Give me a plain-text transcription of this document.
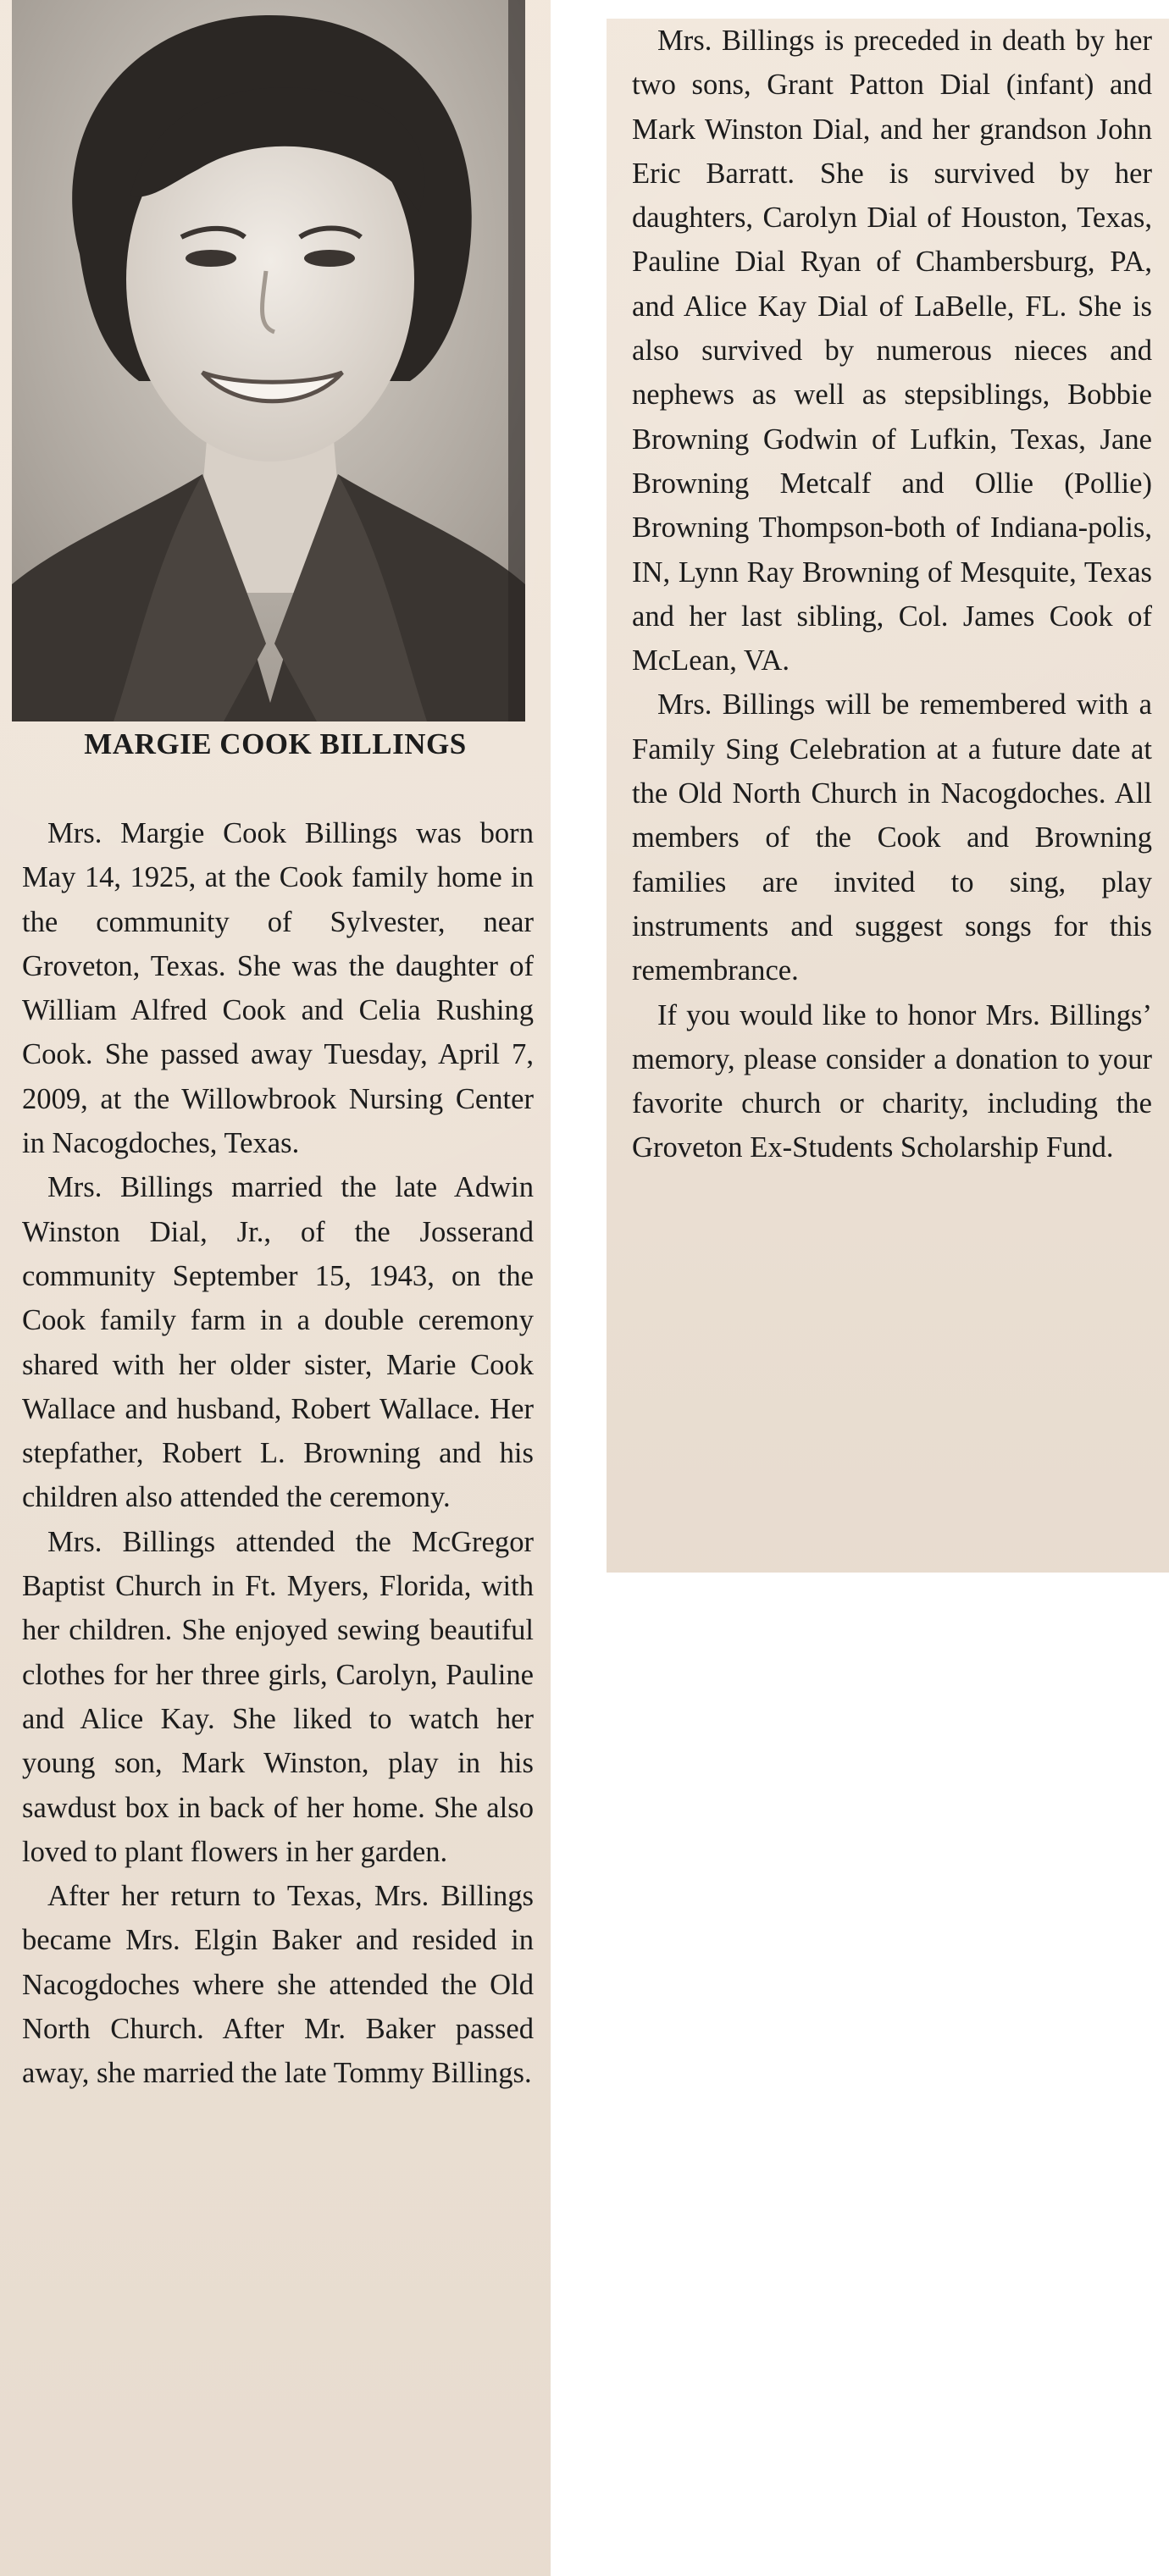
MARGIE COOK BILLINGS

Mrs. Margie Cook Billings was born May 14, 1925, at the Cook family home in the community of Sylvester, near Groveton, Texas. She was the daughter of William Alfred Cook and Celia Rushing Cook. She passed away Tuesday, April 7, 2009, at the Willowbrook Nursing Center in Nacogdoches, Texas.

Mrs. Billings married the late Adwin Winston Dial, Jr., of the Josserand community September 15, 1943, on the Cook family farm in a double ceremony shared with her older sister, Marie Cook Wallace and husband, Robert Wallace. Her stepfather, Robert L. Browning and his children also attended the ceremony.

Mrs. Billings attended the McGregor Baptist Church in Ft. Myers, Florida, with her children. She enjoyed sewing beautiful clothes for her three girls, Carolyn, Pauline and Alice Kay. She liked to watch her young son, Mark Winston, play in his sawdust box in back of her home. She also loved to plant flowers in her garden.

After her return to Texas, Mrs. Billings became Mrs. Elgin Baker and resided in Nacogdoches where she attended the Old North Church. After Mr. Baker passed away, she married the late Tommy Billings.

Mrs. Billings is preceded in death by her two sons, Grant Patton Dial (infant) and Mark Winston Dial, and her grandson John Eric Barratt. She is survived by her daughters, Carolyn Dial of Houston, Texas, Pauline Dial Ryan of Chambersburg, PA, and Alice Kay Dial of LaBelle, FL. She is also survived by numerous nieces and nephews as well as stepsiblings, Bobbie Browning Godwin of Lufkin, Texas, Jane Browning Metcalf and Ollie (Pollie) Browning Thompson-both of Indiana-polis, IN, Lynn Ray Browning of Mesquite, Texas and her last sibling, Col. James Cook of McLean, VA.

Mrs. Billings will be remembered with a Family Sing Celebration at a future date at the Old North Church in Nacogdoches. All members of the Cook and Browning families are invited to sing, play instruments and suggest songs for this remembrance.

If you would like to honor Mrs. Billings’ memory, please consider a donation to your favorite church or charity, including the Groveton Ex-Students Scholarship Fund.
